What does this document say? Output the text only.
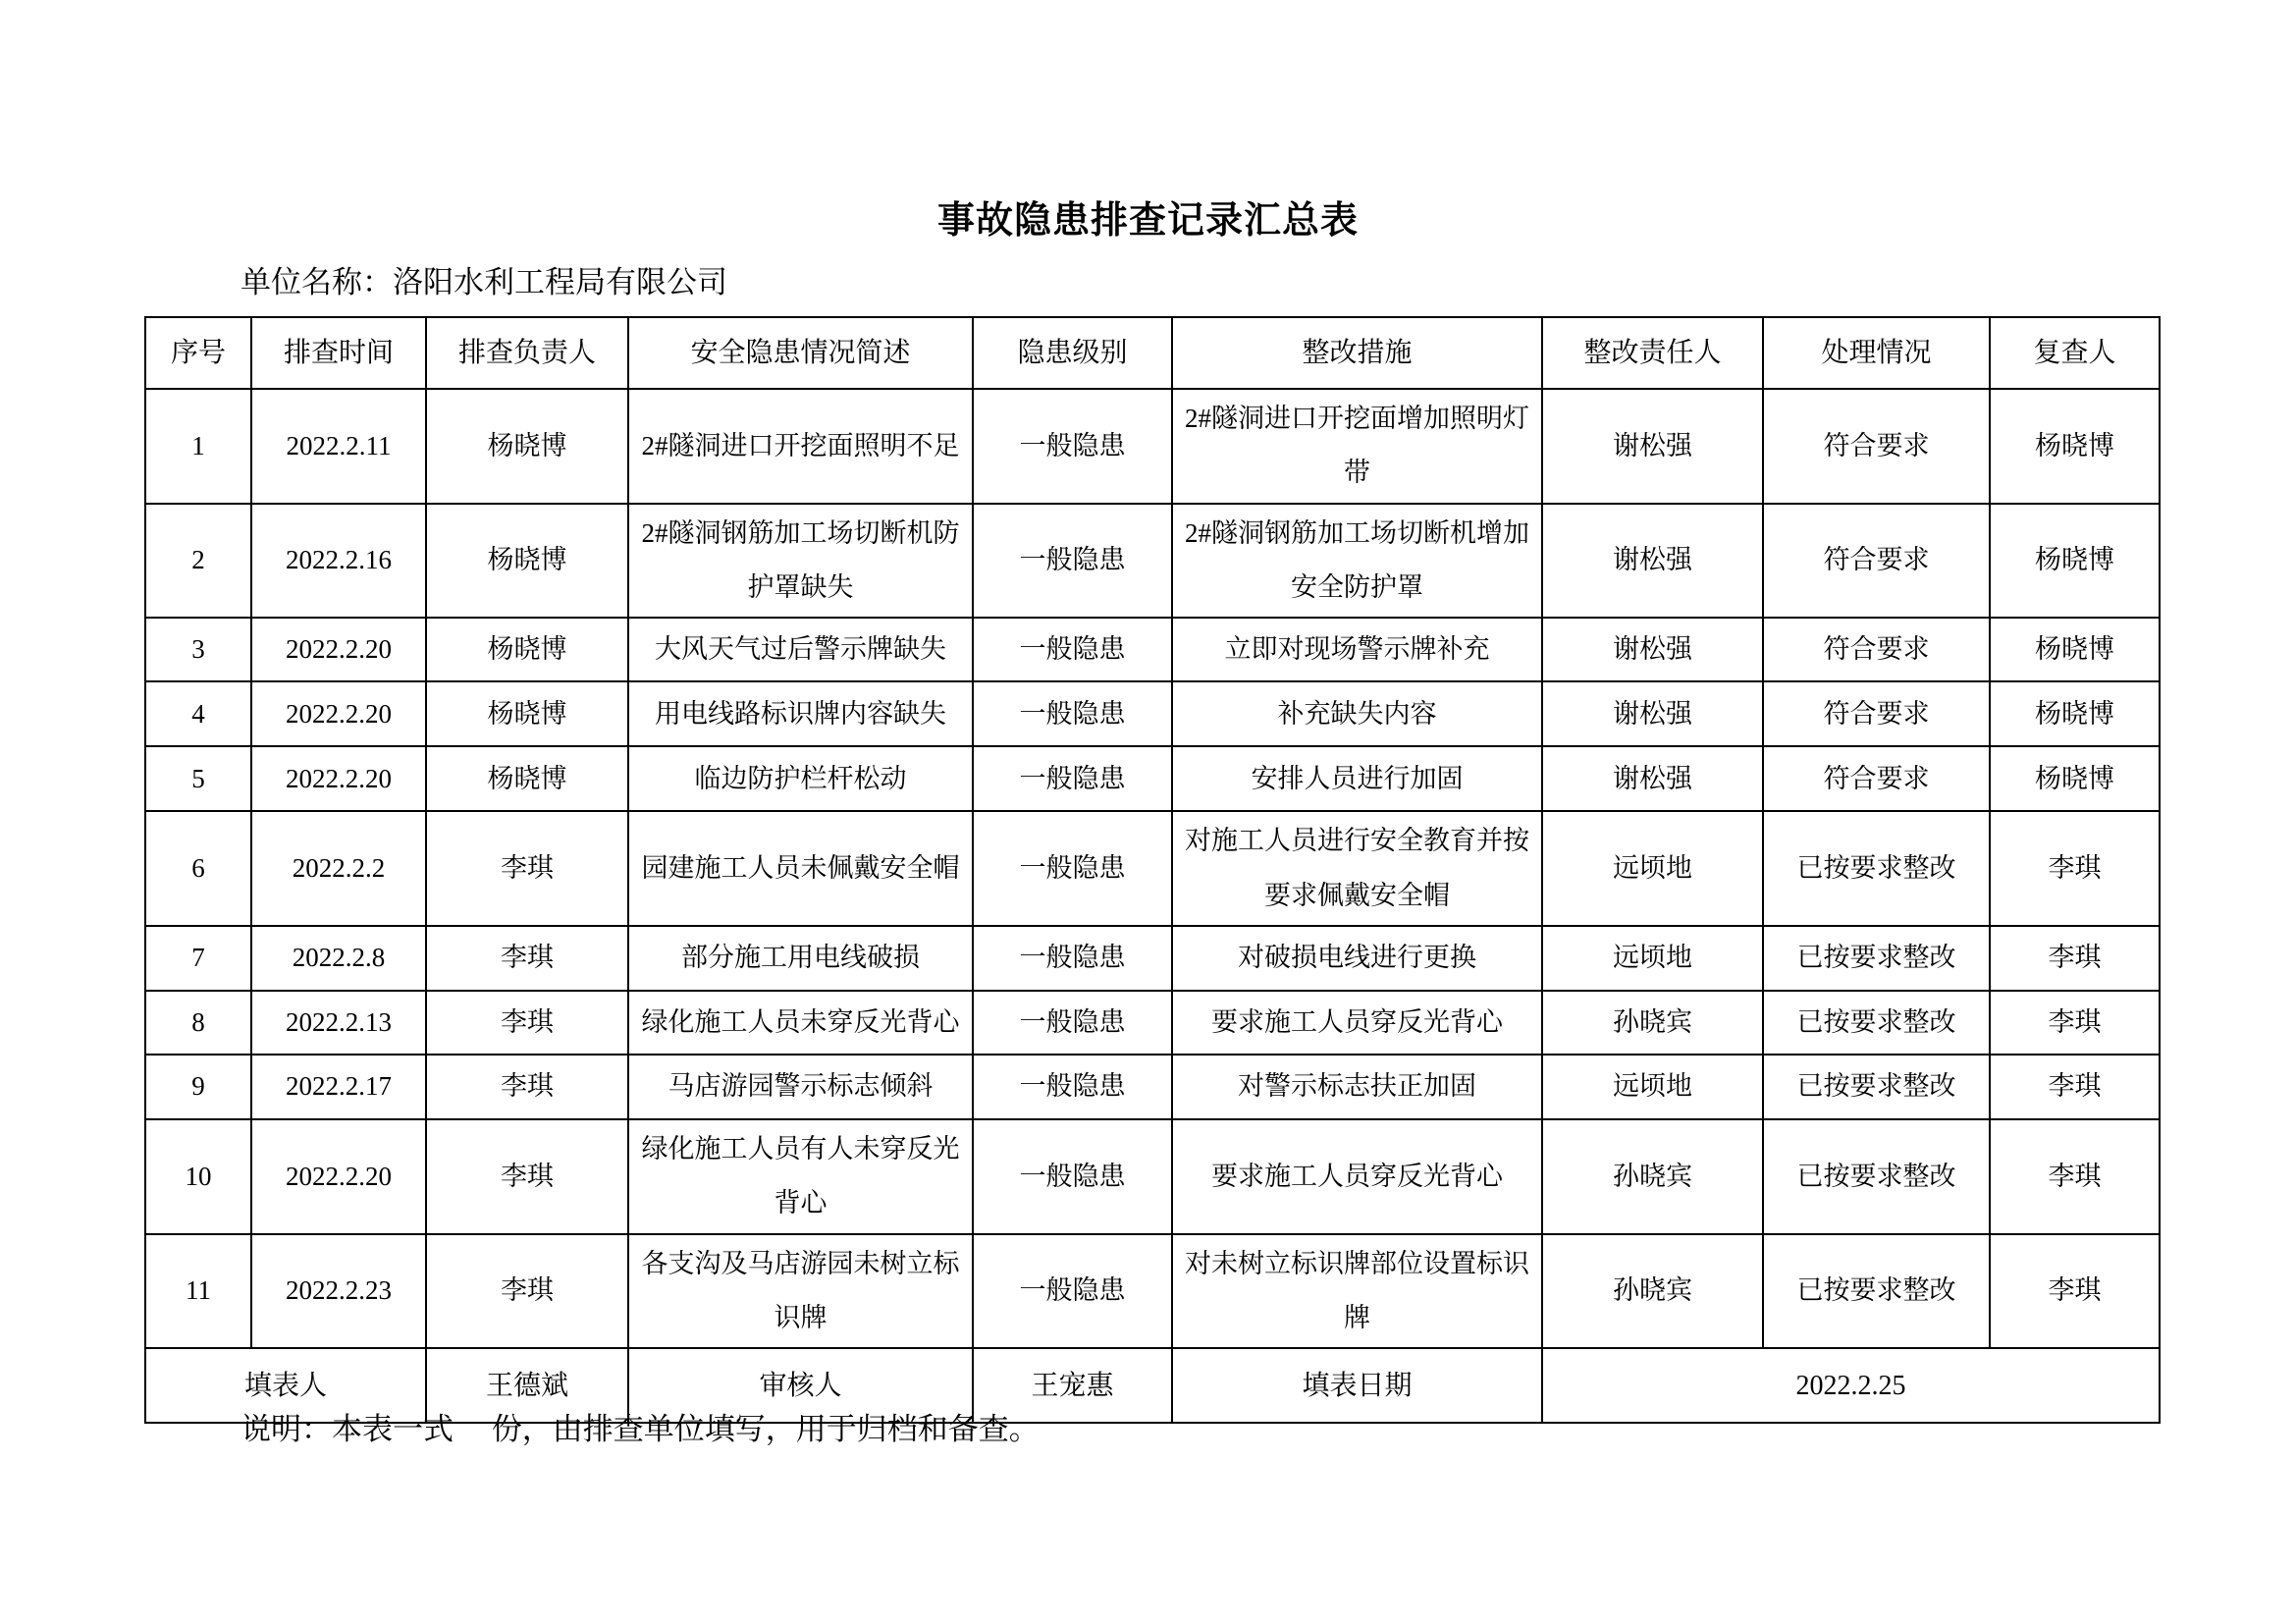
事故隐患排查记录汇总表
单位名称：洛阳水利工程局有限公司
序号	排查时间	排查负责人	安全隐患情况简述	隐患级别	整改措施	整改责任人	处理情况	复查人
1	2022.2.11	杨晓博	2#隧洞进口开挖面照明不足	一般隐患	2#隧洞进口开挖面增加照明灯带	谢松强	符合要求	杨晓博
2	2022.2.16	杨晓博	2#隧洞钢筋加工场切断机防护罩缺失	一般隐患	2#隧洞钢筋加工场切断机增加安全防护罩	谢松强	符合要求	杨晓博
3	2022.2.20	杨晓博	大风天气过后警示牌缺失	一般隐患	立即对现场警示牌补充	谢松强	符合要求	杨晓博
4	2022.2.20	杨晓博	用电线路标识牌内容缺失	一般隐患	补充缺失内容	谢松强	符合要求	杨晓博
5	2022.2.20	杨晓博	临边防护栏杆松动	一般隐患	安排人员进行加固	谢松强	符合要求	杨晓博
6	2022.2.2	李琪	园建施工人员未佩戴安全帽	一般隐患	对施工人员进行安全教育并按要求佩戴安全帽	远顷地	已按要求整改	李琪
7	2022.2.8	李琪	部分施工用电线破损	一般隐患	对破损电线进行更换	远顷地	已按要求整改	李琪
8	2022.2.13	李琪	绿化施工人员未穿反光背心	一般隐患	要求施工人员穿反光背心	孙晓宾	已按要求整改	李琪
9	2022.2.17	李琪	马店游园警示标志倾斜	一般隐患	对警示标志扶正加固	远顷地	已按要求整改	李琪
10	2022.2.20	李琪	绿化施工人员有人未穿反光背心	一般隐患	要求施工人员穿反光背心	孙晓宾	已按要求整改	李琪
11	2022.2.23	李琪	各支沟及马店游园未树立标识牌	一般隐患	对未树立标识牌部位设置标识牌	孙晓宾	已按要求整改	李琪
填表人		王德斌	审核人	王宠惠	填表日期	2022.2.25		
说明：本表一式　 份，由排查单位填写，用于归档和备查。
